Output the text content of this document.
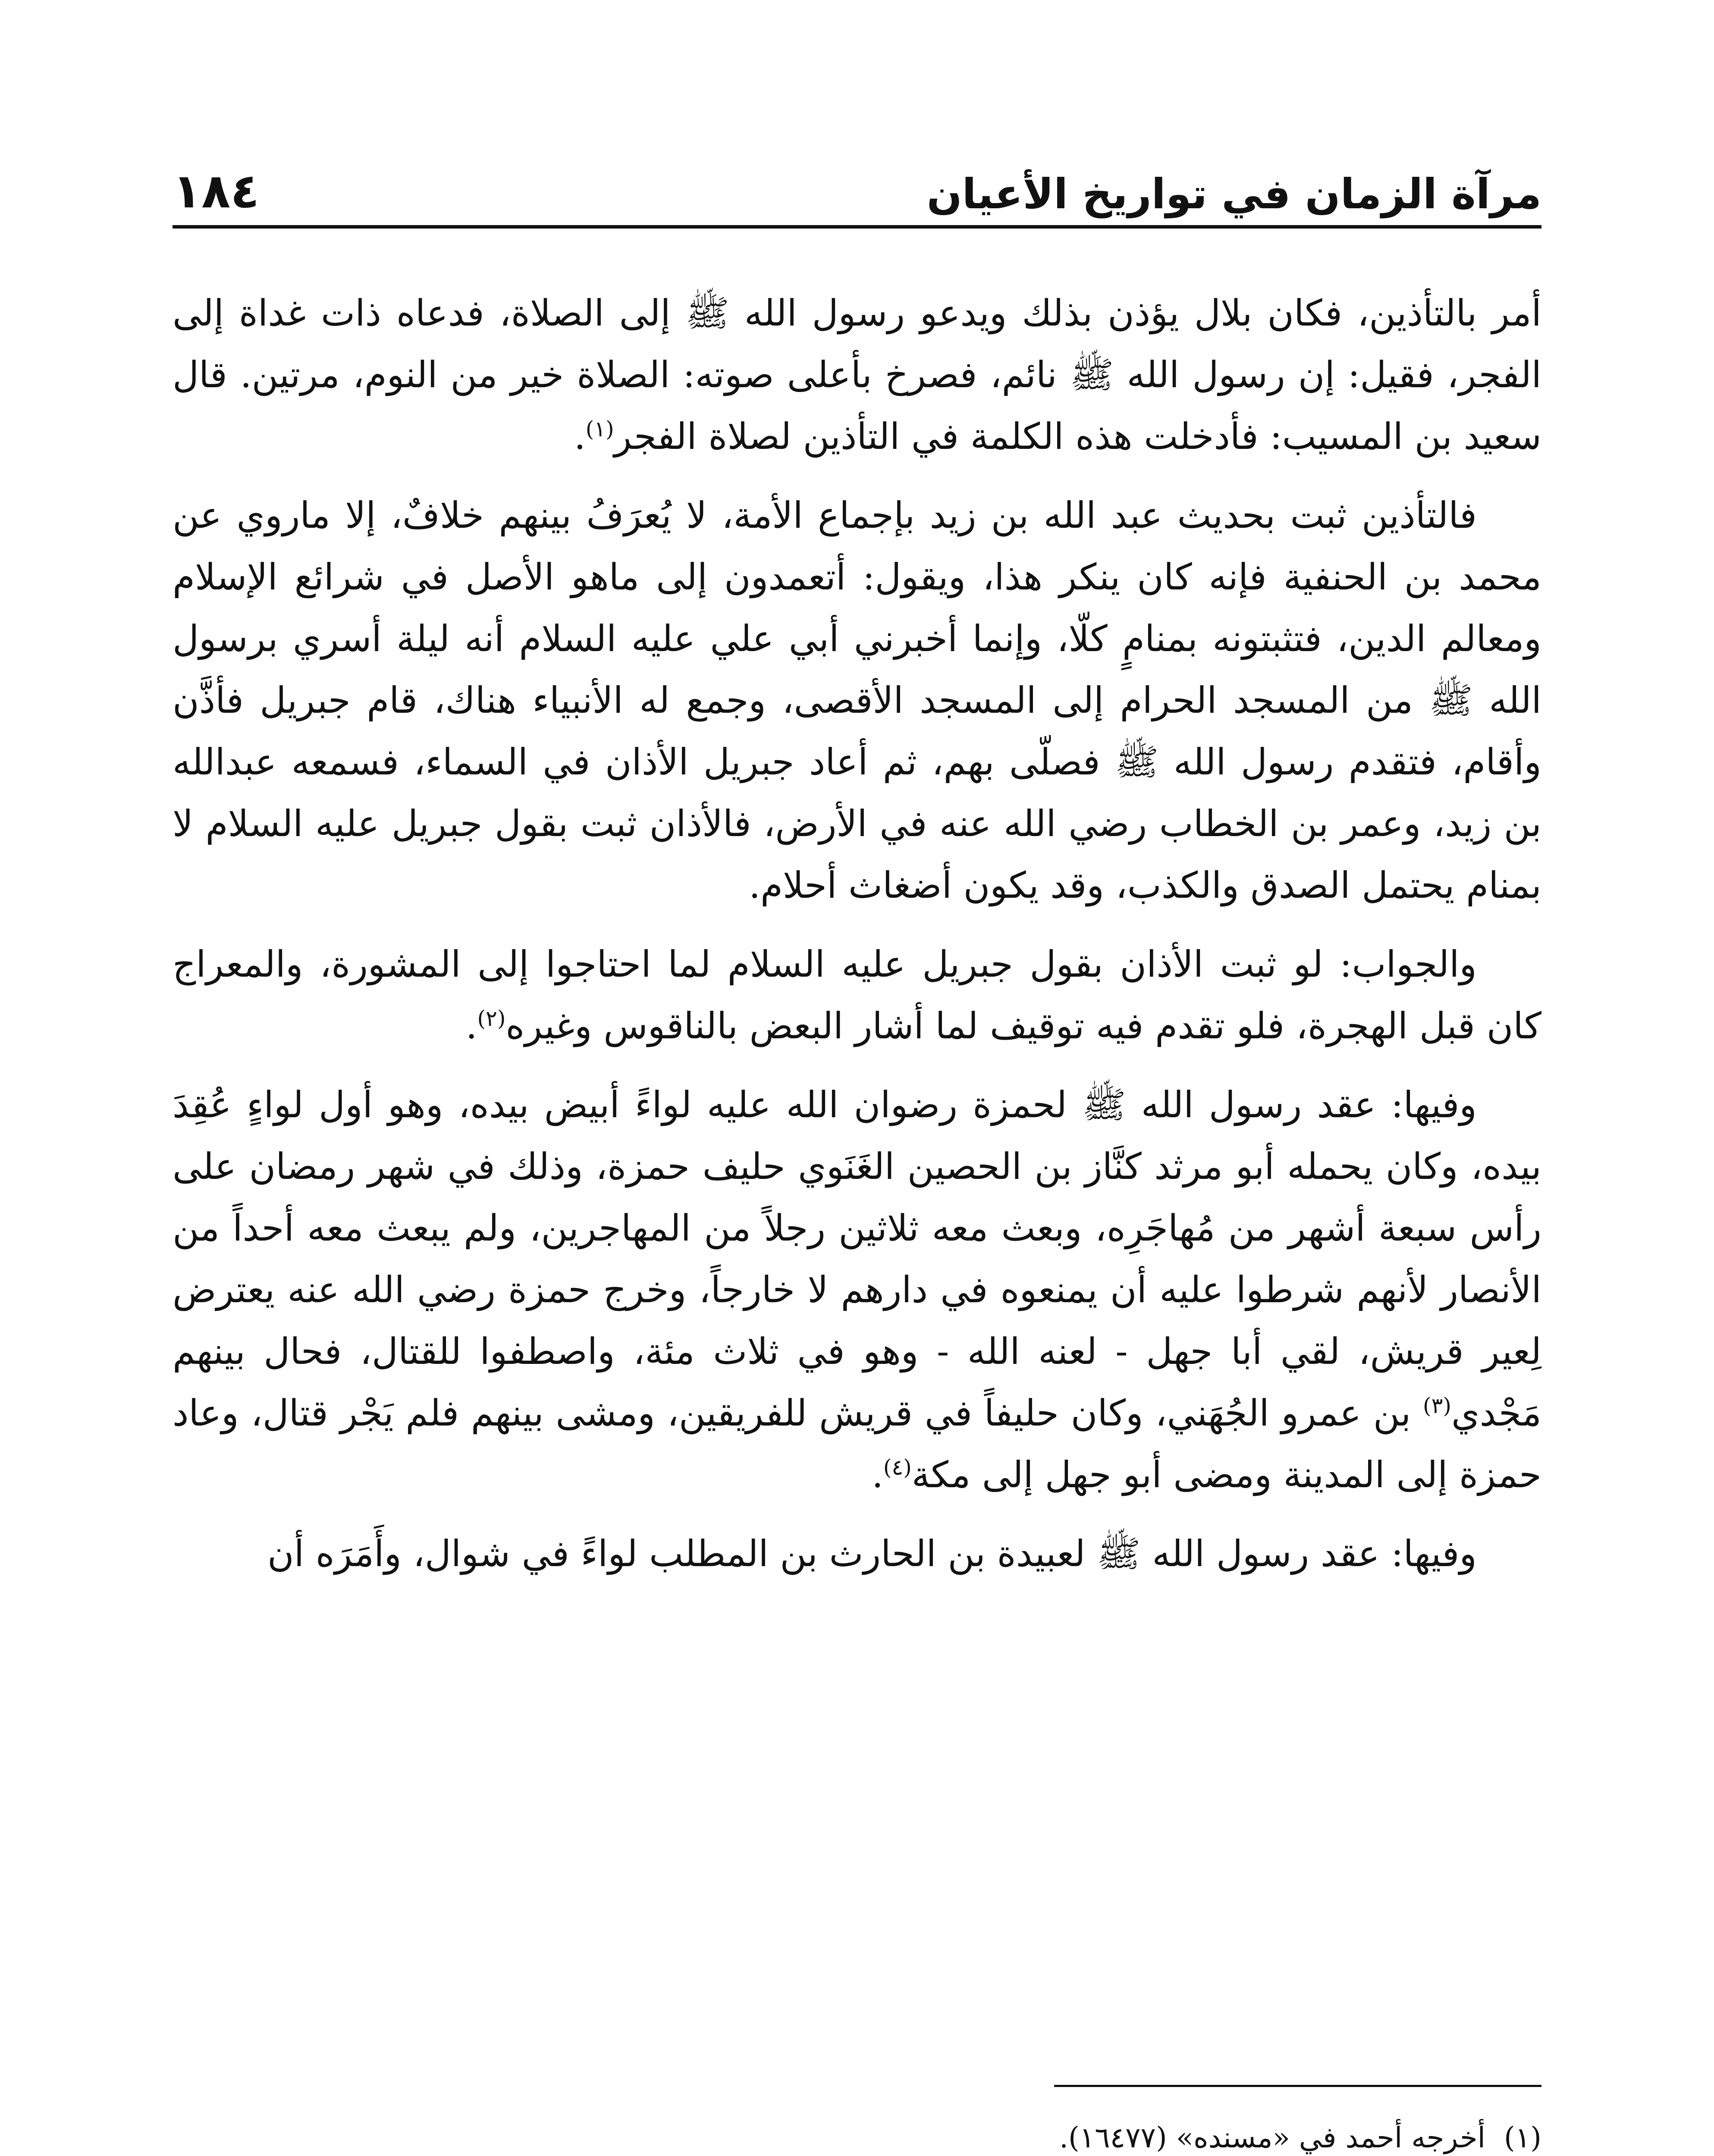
مرآة الزمان في تواريخ الأعيان
١٨٤

أمر بالتأذين، فكان بلال يؤذن بذلك ويدعو رسول الله ﷺ إلى الصلاة، فدعاه ذات غداة إلى الفجر، فقيل: إن رسول الله ﷺ نائم، فصرخ بأعلى صوته: الصلاة خير من النوم، مرتين. قال سعيد بن المسيب: فأدخلت هذه الكلمة في التأذين لصلاة الفجر$^{(١)}$.

فالتأذين ثبت بحديث عبد الله بن زيد بإجماع الأمة، لا يُعرَفُ بينهم خلافٌ، إلا ماروي عن محمد بن الحنفية فإنه كان ينكر هذا، ويقول: أتعمدون إلى ماهو الأصل في شرائع الإسلام ومعالم الدين، فتثبتونه بمنامٍ كلّا، وإنما أخبرني أبي علي عليه السلام أنه ليلة أسري برسول الله ﷺ من المسجد الحرام إلى المسجد الأقصى، وجمع له الأنبياء هناك، قام جبريل فأذَّن وأقام، فتقدم رسول الله ﷺ فصلّى بهم، ثم أعاد جبريل الأذان في السماء، فسمعه عبدالله بن زيد، وعمر بن الخطاب رضي الله عنه في الأرض، فالأذان ثبت بقول جبريل عليه السلام لا بمنام يحتمل الصدق والكذب، وقد يكون أضغاث أحلام.

والجواب: لو ثبت الأذان بقول جبريل عليه السلام لما احتاجوا إلى المشورة، والمعراج كان قبل الهجرة، فلو تقدم فيه توقيف لما أشار البعض بالناقوس وغيره$^{(٢)}$.

وفيها: عقد رسول الله ﷺ لحمزة رضوان الله عليه لواءً أبيض بيده، وهو أول لواءٍ عُقِدَ بيده، وكان يحمله أبو مرثد كنَّاز بن الحصين الغَنَوي حليف حمزة، وذلك في شهر رمضان على رأس سبعة أشهر من مُهاجَرِه، وبعث معه ثلاثين رجلاً من المهاجرين، ولم يبعث معه أحداً من الأنصار لأنهم شرطوا عليه أن يمنعوه في دارهم لا خارجاً، وخرج حمزة رضي الله عنه يعترض لِعير قريش، لقي أبا جهل - لعنه الله - وهو في ثلاث مئة، واصطفوا للقتال، فحال بينهم مَجْدي$^{(٣)}$ بن عمرو الجُهَني، وكان حليفاً في قريش للفريقين، ومشى بينهم فلم يَجْر قتال، وعاد حمزة إلى المدينة ومضى أبو جهل إلى مكة$^{(٤)}$.

وفيها: عقد رسول الله ﷺ لعبيدة بن الحارث بن المطلب لواءً في شوال، وأَمَرَه أن

(١)أخرجه أحمد في «مسنده» (١٦٤٧٧).
